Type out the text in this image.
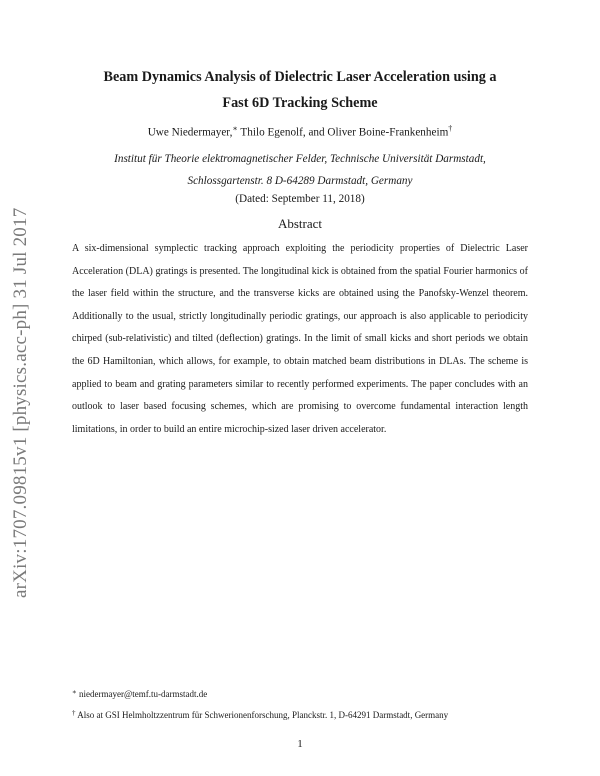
arXiv:1707.09815v1 [physics.acc-ph] 31 Jul 2017
Beam Dynamics Analysis of Dielectric Laser Acceleration using a
Fast 6D Tracking Scheme
Uwe Niedermayer,∗ Thilo Egenolf, and Oliver Boine-Frankenheim†
Institut für Theorie elektromagnetischer Felder, Technische Universität Darmstadt,
Schlossgartenstr. 8 D-64289 Darmstadt, Germany
(Dated: September 11, 2018)
Abstract

A six-dimensional symplectic tracking approach exploiting the periodicity properties of Dielectric Laser Acceleration (DLA) gratings is presented. The longitudinal kick is obtained from the spatial Fourier harmonics of the laser field within the structure, and the transverse kicks are obtained using the Panofsky-Wenzel theorem. Additionally to the usual, strictly longitudinally periodic gratings, our approach is also applicable to periodicity chirped (sub-relativistic) and tilted (deflection) gratings. In the limit of small kicks and short periods we obtain the 6D Hamiltonian, which allows, for example, to obtain matched beam distributions in DLAs. The scheme is applied to beam and grating parameters similar to recently performed experiments. The paper concludes with an outlook to laser based focusing schemes, which are promising to overcome fundamental interaction length limitations, in order to build an entire microchip-sized laser driven accelerator.

∗ niedermayer@temf.tu-darmstadt.de

† Also at GSI Helmholtzzentrum für Schwerionenforschung, Planckstr. 1, D-64291 Darmstadt, Germany

1
